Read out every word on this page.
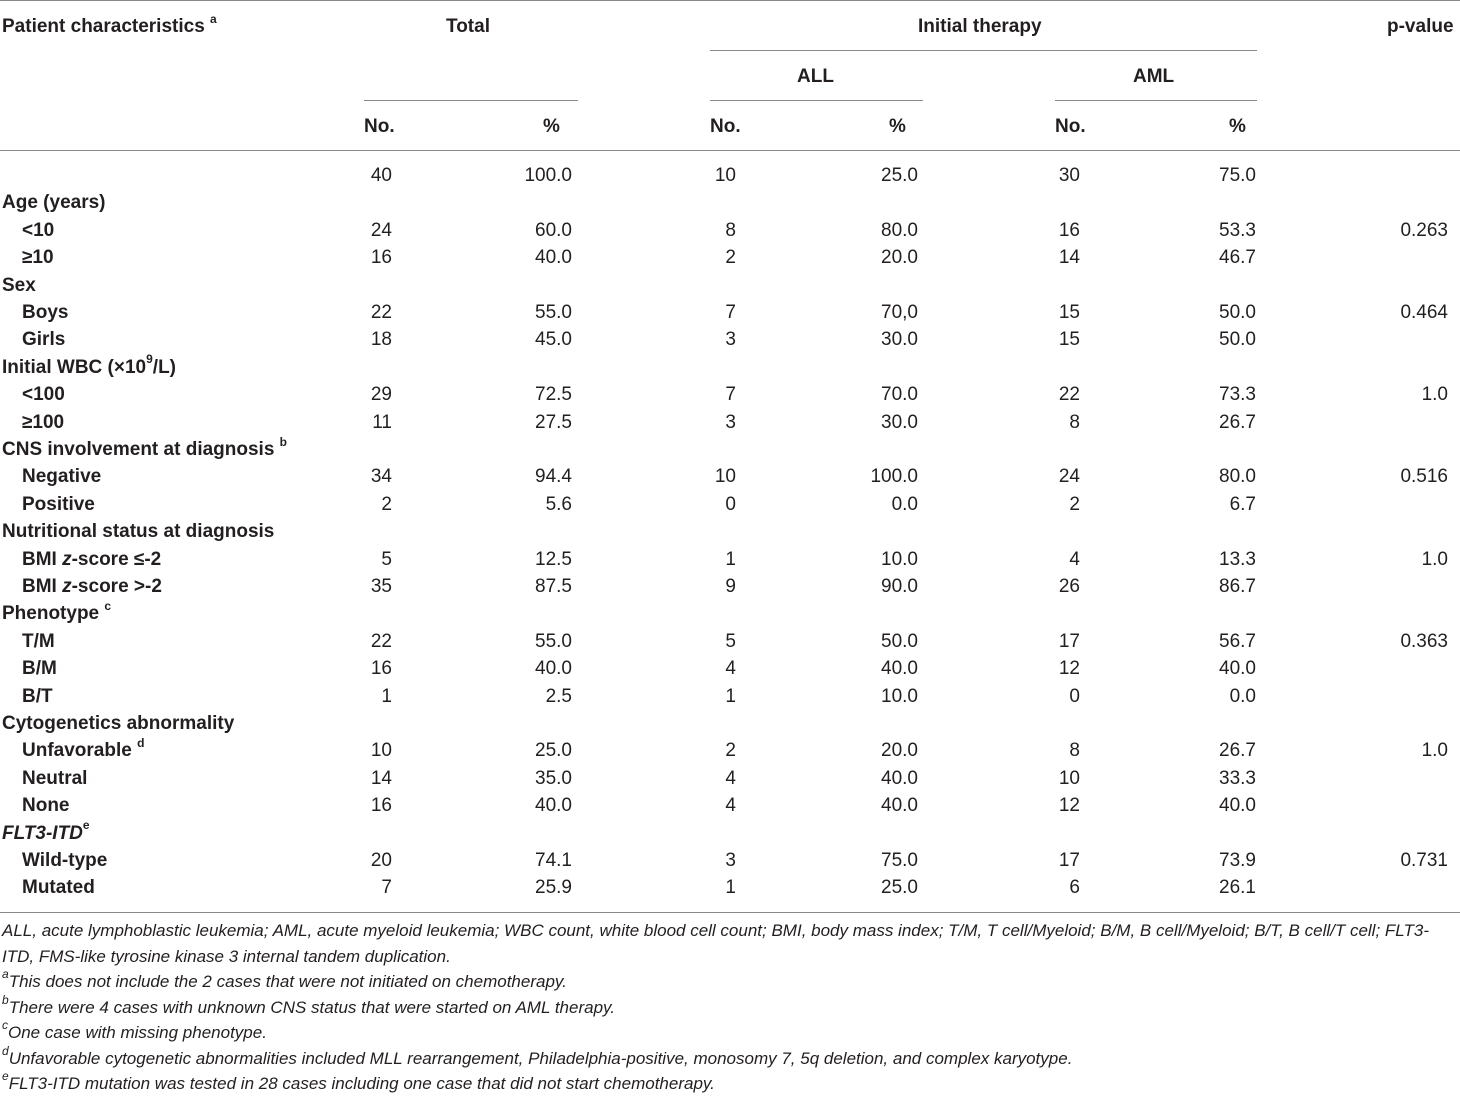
Patient characteristics $^a$	Total	Initial therapy	p-value
ALL	AML
No.	%	No.	%	No.	%
40	100.0	10	25.0	30	75.0
Age (years)
<10	24	60.0	8	80.0	16	53.3	0.263
≥10	16	40.0	2	20.0	14	46.7
Sex
Boys	22	55.0	7	70,0	15	50.0	0.464
Girls	18	45.0	3	30.0	15	50.0
Initial WBC $(\times 10^9/L)$
<100	29	72.5	7	70.0	22	73.3	1.0
≥100	11	27.5	3	30.0	8	26.7
CNS involvement at diagnosis $^b$
Negative	34	94.4	10	100.0	24	80.0	0.516
Positive	2	5.6	0	0.0	2	6.7
Nutritional status at diagnosis
BMI z-score ≤-2	5	12.5	1	10.0	4	13.3	1.0
BMI z-score >-2	35	87.5	9	90.0	26	86.7
Phenotype $^c$
T/M	22	55.0	5	50.0	17	56.7	0.363
B/M	16	40.0	4	40.0	12	40.0
B/T	1	2.5	1	10.0	0	0.0
Cytogenetics abnormality
Unfavorable $^d$	10	25.0	2	20.0	8	26.7	1.0
Neutral	14	35.0	4	40.0	10	33.3
None	16	40.0	4	40.0	12	40.0
FLT3-ITD$^e$
Wild-type	20	74.1	3	75.0	17	73.9	0.731
Mutated	7	25.9	1	25.0	6	26.1

ALL, acute lymphoblastic leukemia; AML, acute myeloid leukemia; WBC count, white blood cell count; BMI, body mass index; T/M, T cell/Myeloid; B/M, B cell/Myeloid; B/T, B cell/T cell; FLT3-ITD, FMS-like tyrosine kinase 3 internal tandem duplication.

$^a$This does not include the 2 cases that were not initiated on chemotherapy.

$^b$There were 4 cases with unknown CNS status that were started on AML therapy.

$^c$One case with missing phenotype.

$^d$Unfavorable cytogenetic abnormalities included MLL rearrangement, Philadelphia-positive, monosomy 7, 5q deletion, and complex karyotype.

$^e$FLT3-ITD mutation was tested in 28 cases including one case that did not start chemotherapy.
